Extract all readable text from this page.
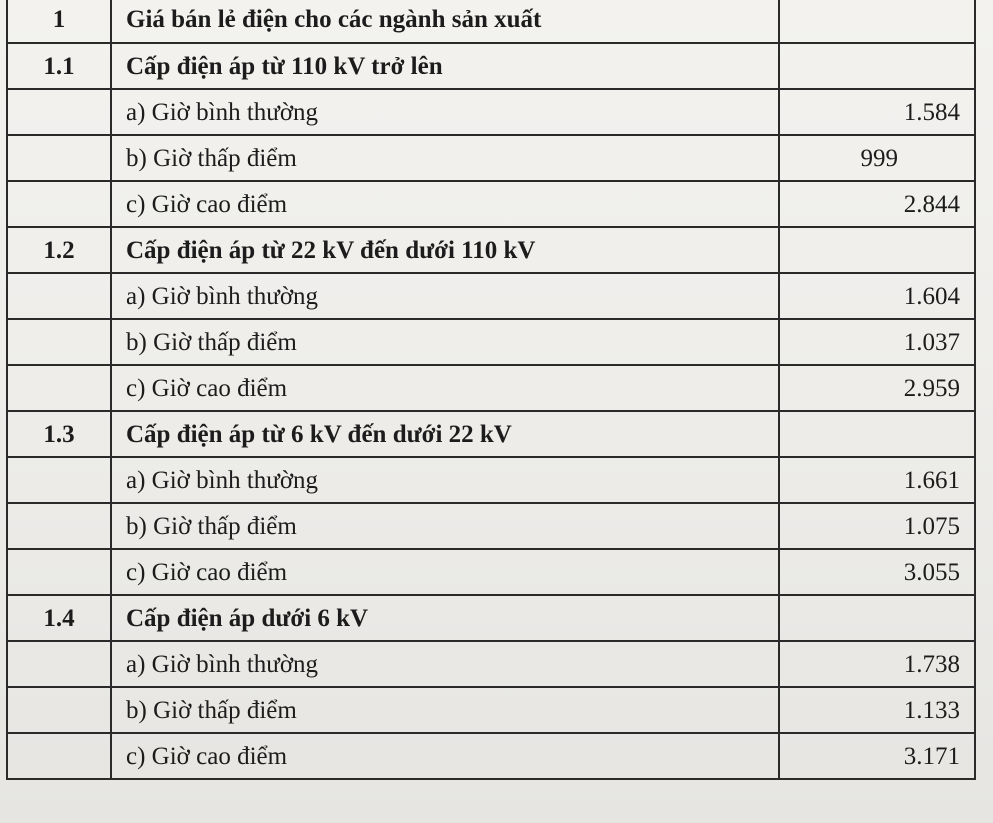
1	Giá bán lẻ điện cho các ngành sản xuất	
1.1	Cấp điện áp từ 110 kV trở lên	
	a) Giờ bình thường	1.584
	b) Giờ thấp điểm	999
	c) Giờ cao điểm	2.844
1.2	Cấp điện áp từ 22 kV đến dưới 110 kV	
	a) Giờ bình thường	1.604
	b) Giờ thấp điểm	1.037
	c) Giờ cao điểm	2.959
1.3	Cấp điện áp từ 6 kV đến dưới 22 kV	
	a) Giờ bình thường	1.661
	b) Giờ thấp điểm	1.075
	c) Giờ cao điểm	3.055
1.4	Cấp điện áp dưới 6 kV	
	a) Giờ bình thường	1.738
	b) Giờ thấp điểm	1.133
	c) Giờ cao điểm	3.171
